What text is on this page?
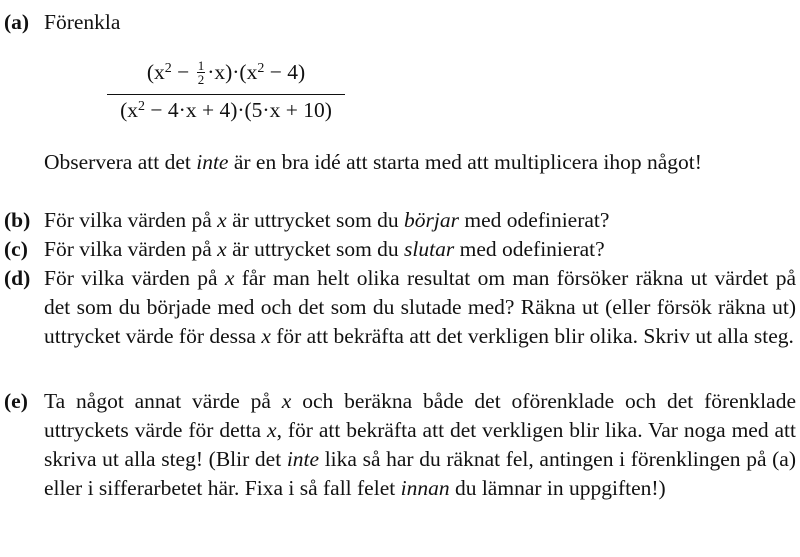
(a) Förenkla
$(x^2 - \frac{1}{2} \cdot x)\cdot(x^2 - 4)$
$(x^2 - 4\cdot x + 4)\cdot(5\cdot x + 10)$
Observera att det inte är en bra idé att starta med att multiplicera ihop något!
(b) För vilka värden på x är uttrycket som du börjar med odefinierat?
(c) För vilka värden på x är uttrycket som du slutar med odefinierat?
(d) För vilka värden på x får man helt olika resultat om man försöker räkna ut värdet på det som du började med och det som du slutade med? Räkna ut (eller försök räkna ut) uttrycket värde för dessa x för att bekräfta att det verkligen blir olika. Skriv ut alla steg.
(e) Ta något annat värde på x och beräkna både det oförenklade och det förenklade uttryckets värde för detta x, för att bekräfta att det verkligen blir lika. Var noga med att skriva ut alla steg! (Blir det inte lika så har du räknat fel, antingen i förenklingen på (a) eller i sifferarbetet här. Fixa i så fall felet innan du lämnar in uppgiften!)
